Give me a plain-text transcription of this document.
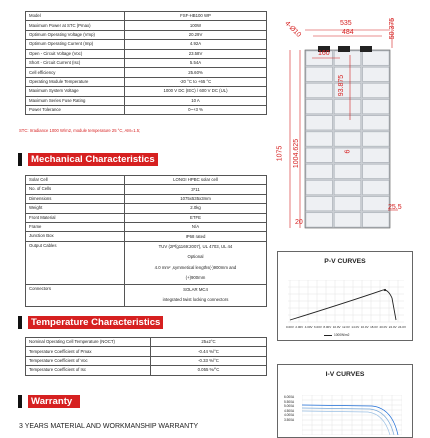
Model	FSF-HB100 WP
Maximum Power at STC (Pmax)	100W
Optimum Operating Voltage (Vmp)	20.29V
Optimum Operating Current (Imp)	4.92A
Open - Circuit Voltage (Voc)	23.58V
Short - Circuit Current (Isc)	5.54A
Cell efficiency	25.60%
Operating Module Temperature	-20 °C to +65 °C
Maximum System Voltage	1000 V DC (IEC) / 600 V DC (UL)
Maximum Series Fuse Rating	10 A
Power Tolerance	0~+3 %
STC: Irradiance 1000 W/m2, module temperature 25 °C, AM=1.5;
Mechanical Characteristics
Solar Cell	LONGI HPBC solar cell

No. of Cells	3*11

Dimensions	1075x535x3mm

Weight	2.0kg

Front Material	ETFE

Frame	N/A

Junction Box	IP68 rated

Output Cables	TUV (2Pfg1169:2007), UL 4703, UL 44
Optional
4.0 mm² ,symmetical lengths(-)900mm and
(+)900mm

Connectors	SOLAR MC4
integrated twist locking connectors
Temperature Characteristics
Nominal Operating Cell Temperature (NOCT)	25±2°C
Temperature Coefficient of Pmax	-0.44 %/°C
Temperature Coefficient of Voc	-0.33 %/°C
Temperature Coefficient of Isc	0.055 %/°C
Warranty
3 YEARS MATERIAL AND WORKMANSHIP WARRANTY
4-Ø10	535
484	50.375
160
93.875
1075 1004.625	6
25.5
20
P-V CURVES
0.00V 2.00V 4.00V 6.00V 8.00V 10.0V 12.0V 14.0V 16.0V 18.0V 20.0V 22.0V 24.0V
1000W/m2
I-V CURVES
6.000A
5.500A
5.000A
4.500A
4.000A
3.500A
